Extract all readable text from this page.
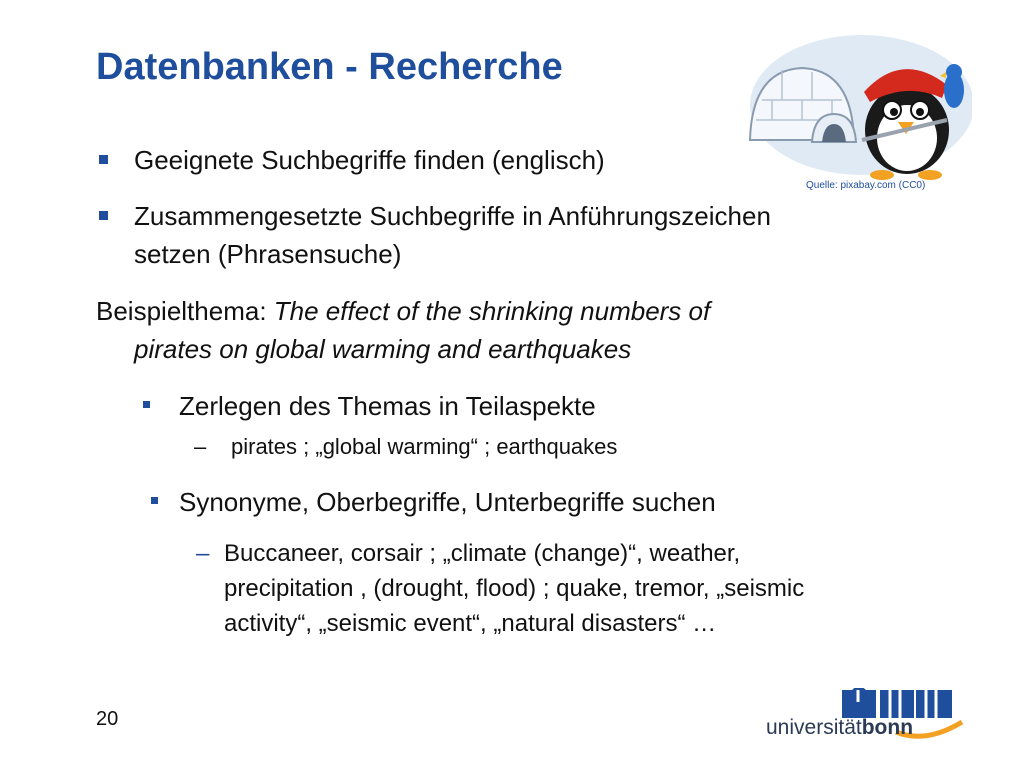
Datenbanken - Recherche
Quelle: pixabay.com (CC0)
Geeignete Suchbegriffe finden (englisch)
Zusammengesetzte Suchbegriffe in Anführungszeichen
setzen (Phrasensuche)
Beispielthema: The effect of the shrinking numbers of
pirates on global warming and earthquakes
Zerlegen des Themas in Teilaspekte
– pirates ; „global warming“ ; earthquakes
Synonyme, Oberbegriffe, Unterbegriffe suchen
– Buccaneer, corsair ; „climate (change)“, weather,
precipitation , (drought, flood) ; quake, tremor, „seismic
activity“, „seismic event“, „natural disasters“ …
20	universitätbonn
